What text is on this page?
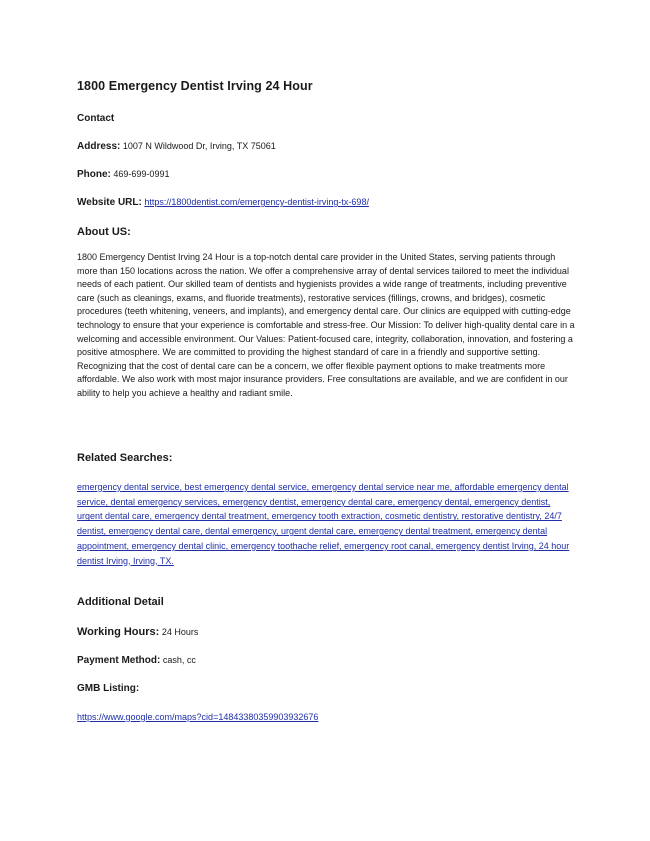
1800 Emergency Dentist Irving 24 Hour

Contact

Address: 1007 N Wildwood Dr, Irving, TX 75061

Phone: 469-699-0991

Website URL: https://1800dentist.com/emergency-dentist-irving-tx-698/

About US:

1800 Emergency Dentist Irving 24 Hour is a top-notch dental care provider in the United States, serving patients through more than 150 locations across the nation. We offer a comprehensive array of dental services tailored to meet the individual needs of each patient. Our skilled team of dentists and hygienists provides a wide range of treatments, including preventive care (such as cleanings, exams, and fluoride treatments), restorative services (fillings, crowns, and bridges), cosmetic procedures (teeth whitening, veneers, and implants), and emergency dental care. Our clinics are equipped with cutting-edge technology to ensure that your experience is comfortable and stress-free. Our Mission: To deliver high-quality dental care in a welcoming and accessible environment. Our Values: Patient-focused care, integrity, collaboration, innovation, and fostering a positive atmosphere. We are committed to providing the highest standard of care in a friendly and supportive setting. Recognizing that the cost of dental care can be a concern, we offer flexible payment options to make treatments more affordable. We also work with most major insurance providers. Free consultations are available, and we are confident in our ability to help you achieve a healthy and radiant smile.

Related Searches:

emergency dental service, best emergency dental service, emergency dental service near me, affordable emergency dental service, dental emergency services, emergency dentist, emergency dental care, emergency dental, emergency dentist, urgent dental care, emergency dental treatment, emergency tooth extraction, cosmetic dentistry, restorative dentistry, 24/7 dentist, emergency dental care, dental emergency, urgent dental care, emergency dental treatment, emergency dental appointment, emergency dental clinic, emergency toothache relief, emergency root canal, emergency dentist Irving, 24 hour dentist Irving, Irving, TX.

Additional Detail

Working Hours: 24 Hours

Payment Method: cash, cc

GMB Listing:

https://www.google.com/maps?cid=14843380359903932676
